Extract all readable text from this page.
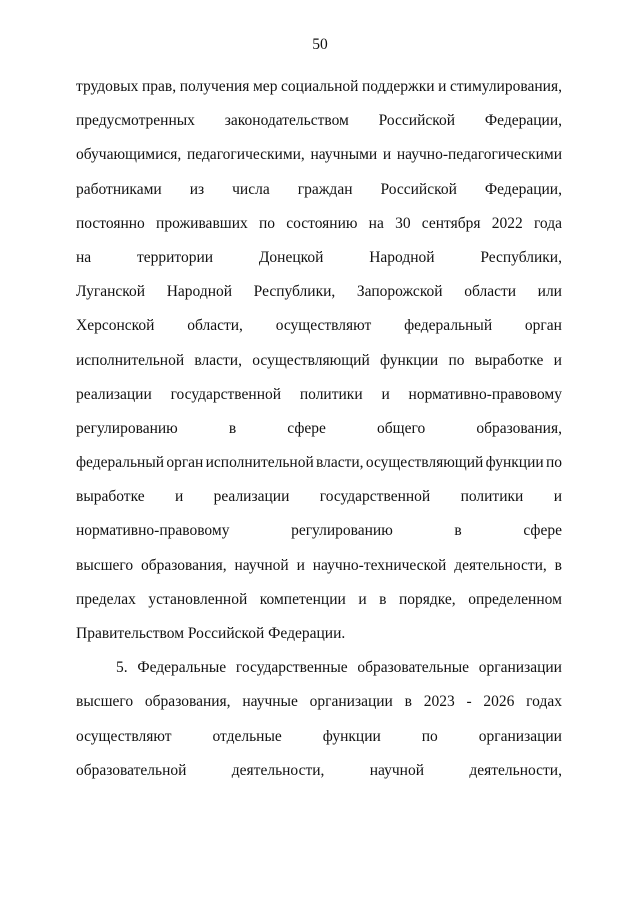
50
трудовых прав, получения мер социальной поддержки и стимулирования,
предусмотренных законодательством Российской Федерации,
обучающимися, педагогическими, научными и научно-педагогическими
работниками из числа граждан Российской Федерации,
постоянно проживавших по состоянию на 30 сентября 2022 года
на	территории	Донецкой	Народной	Республики,
Луганской Народной Республики, Запорожской области или
Херсонской области, осуществляют федеральный орган
исполнительной власти, осуществляющий функции по выработке и
реализации государственной политики и нормативно-правовому
регулированию	в	сфере	общего	образования,
федеральный орган исполнительной власти, осуществляющий функции по
выработке и реализации государственной политики и
нормативно-правовому	регулированию	в	сфере
высшего образования, научной и научно-технической деятельности, в
пределах установленной компетенции и в порядке, определенном
Правительством Российской Федерации.
5. Федеральные государственные образовательные организации
высшего образования, научные организации в 2023 - 2026 годах
осуществляют	отдельные	функции	по	организации
образовательной	деятельности,	научной	деятельности,
